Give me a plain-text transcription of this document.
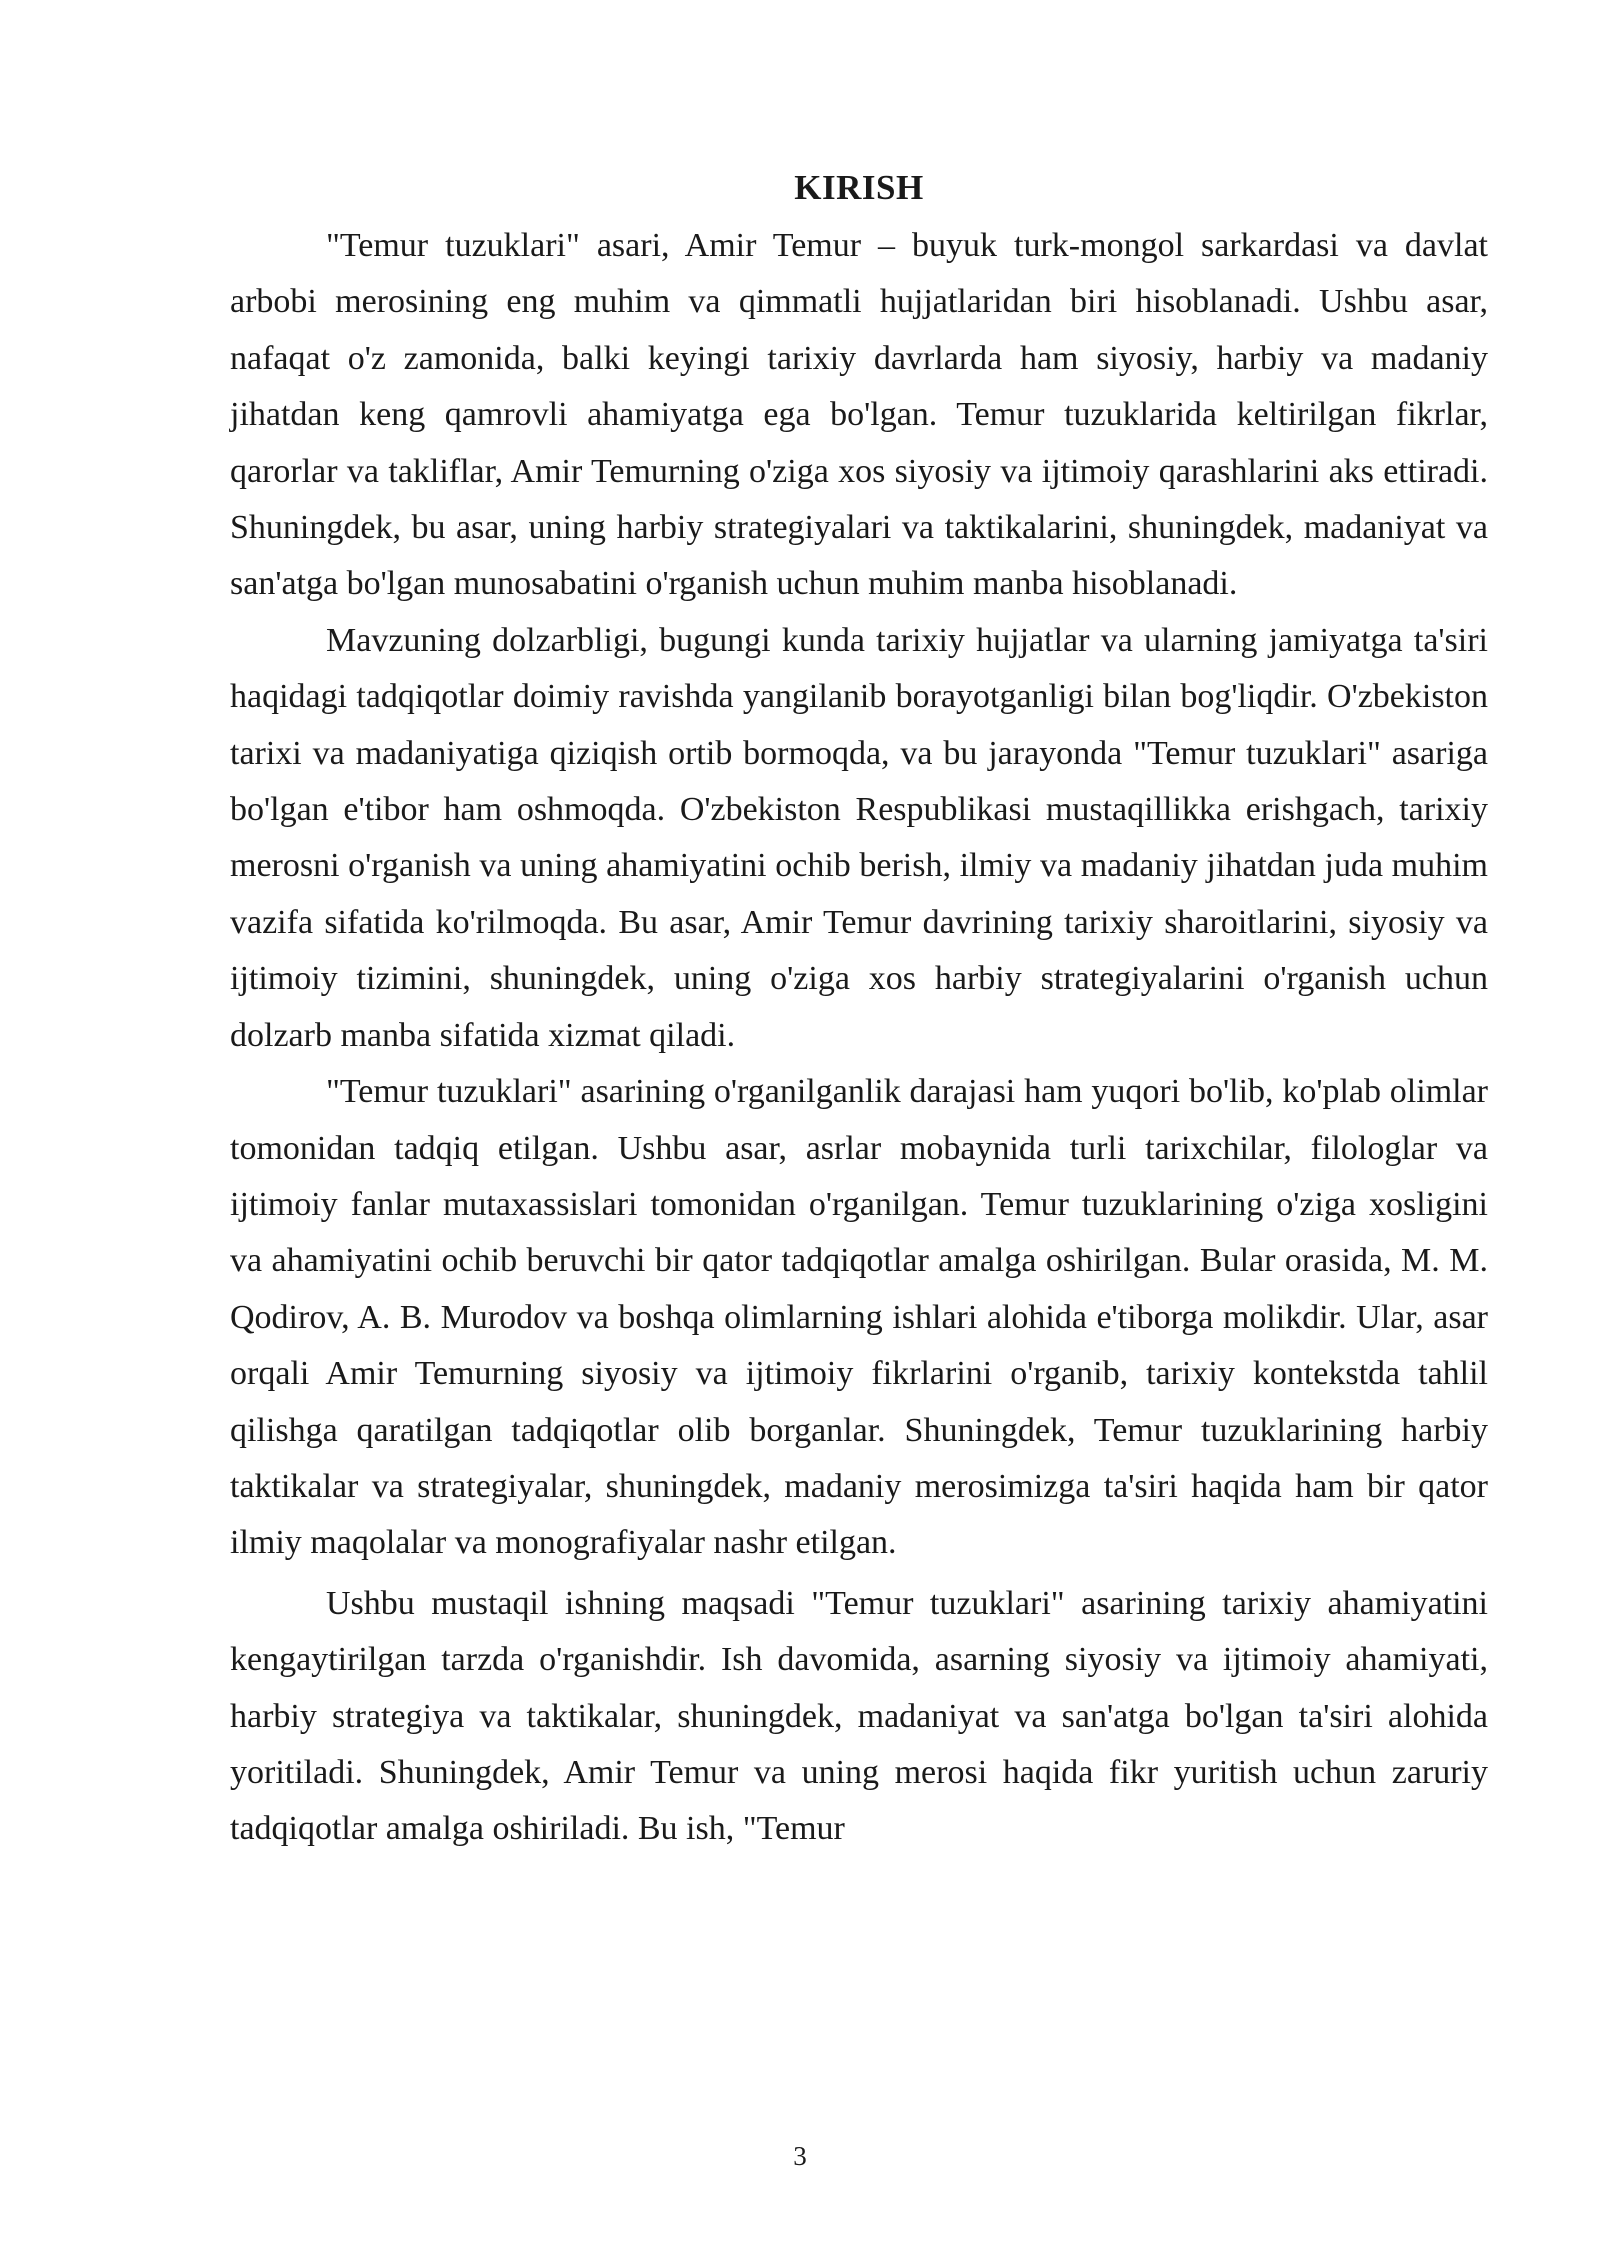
KIRISH

"Temur tuzuklari" asari, Amir Temur – buyuk turk-mongol sarkardasi va davlat arbobi merosining eng muhim va qimmatli hujjatlaridan biri hisoblanadi. Ushbu asar, nafaqat o'z zamonida, balki keyingi tarixiy davrlarda ham siyosiy, harbiy va madaniy jihatdan keng qamrovli ahamiyatga ega bo'lgan. Temur tuzuklarida keltirilgan fikrlar, qarorlar va takliflar, Amir Temurning o'ziga xos siyosiy va ijtimoiy qarashlarini aks ettiradi. Shuningdek, bu asar, uning harbiy strategiyalari va taktikalarini, shuningdek, madaniyat va san'atga bo'lgan munosabatini o'rganish uchun muhim manba hisoblanadi.

Mavzuning dolzarbligi, bugungi kunda tarixiy hujjatlar va ularning jamiyatga ta'siri haqidagi tadqiqotlar doimiy ravishda yangilanib borayotganligi bilan bog'liqdir. O'zbekiston tarixi va madaniyatiga qiziqish ortib bormoqda, va bu jarayonda "Temur tuzuklari" asariga bo'lgan e'tibor ham oshmoqda. O'zbekiston Respublikasi mustaqillikka erishgach, tarixiy merosni o'rganish va uning ahamiyatini ochib berish, ilmiy va madaniy jihatdan juda muhim vazifa sifatida ko'rilmoqda. Bu asar, Amir Temur davrining tarixiy sharoitlarini, siyosiy va ijtimoiy tizimini, shuningdek, uning o'ziga xos harbiy strategiyalarini o'rganish uchun dolzarb manba sifatida xizmat qiladi.

"Temur tuzuklari" asarining o'rganilganlik darajasi ham yuqori bo'lib, ko'plab olimlar tomonidan tadqiq etilgan. Ushbu asar, asrlar mobaynida turli tarixchilar, filologlar va ijtimoiy fanlar mutaxassislari tomonidan o'rganilgan. Temur tuzuklarining o'ziga xosligini va ahamiyatini ochib beruvchi bir qator tadqiqotlar amalga oshirilgan. Bular orasida, M. M. Qodirov, A. B. Murodov va boshqa olimlarning ishlari alohida e'tiborga molikdir. Ular, asar orqali Amir Temurning siyosiy va ijtimoiy fikrlarini o'rganib, tarixiy kontekstda tahlil qilishga qaratilgan tadqiqotlar olib borganlar. Shuningdek, Temur tuzuklarining harbiy taktikalar va strategiyalar, shuningdek, madaniy merosimizga ta'siri haqida ham bir qator ilmiy maqolalar va monografiyalar nashr etilgan.

Ushbu mustaqil ishning maqsadi "Temur tuzuklari" asarining tarixiy ahamiyatini kengaytirilgan tarzda o'rganishdir. Ish davomida, asarning siyosiy va ijtimoiy ahamiyati, harbiy strategiya va taktikalar, shuningdek, madaniyat va san'atga bo'lgan ta'siri alohida yoritiladi. Shuningdek, Amir Temur va uning merosi haqida fikr yuritish uchun zaruriy tadqiqotlar amalga oshiriladi. Bu ish, "Temur

3
